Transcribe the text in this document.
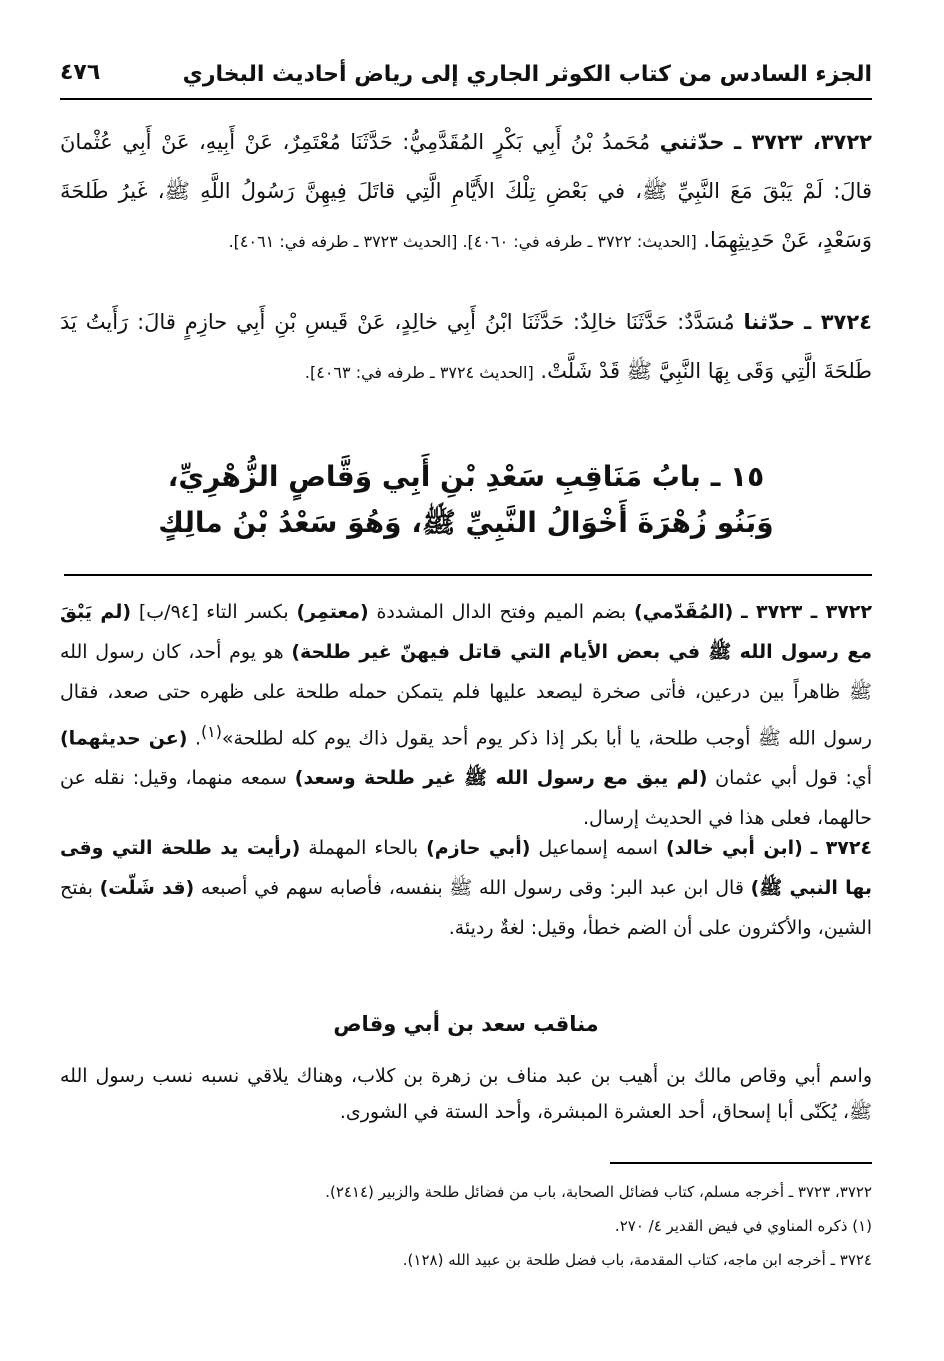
الجزء السادس من كتاب الكوثر الجاري إلى رياض أحاديث البخاري
٤٧٦
٣٧٢٢، ٣٧٢٣ ـ حدّثني مُحَمدُ بْنُ أَبِي بَكْرٍ المُقَدَّمِيُّ: حَدَّثَنَا مُعْتَمِرٌ، عَنْ أَبِيهِ، عَنْ أَبِي عُثْمانَ قالَ: لَمْ يَبْقَ مَعَ النَّبِيِّ ﷺ، في بَعْضِ تِلْكَ الأَيَّامِ الَّتِي قاتَلَ فِيهِنَّ رَسُولُ اللَّهِ ﷺ، غَيرُ طَلحَةَ وَسَعْدٍ، عَنْ حَدِيثِهِمَا. [الحديث: ٣٧٢٢ ـ طرفه في: ٤٠٦٠]. [الحديث ٣٧٢٣ ـ طرفه في: ٤٠٦١].
٣٧٢٤ ـ حدّثنا مُسَدَّدٌ: حَدَّثَنَا خالِدٌ: حَدَّثَنَا ابْنُ أَبِي خالِدٍ، عَنْ قَيسِ بْنِ أَبِي حازِمٍ قالَ: رَأَيتُ يَدَ طَلحَةَ الَّتِي وَقَى بِهَا النَّبِيَّ ﷺ قَدْ شَلَّتْ. [الحديث ٣٧٢٤ ـ طرفه في: ٤٠٦٣].
١٥ ـ بابُ مَنَاقِبِ سَعْدِ بْنِ أَبِي وَقَّاصٍ الزُّهْرِيِّ،
وَبَنُو زُهْرَةَ أَخْوَالُ النَّبِيِّ ﷺ، وَهُوَ سَعْدُ بْنُ مالِكٍ
٣٧٢٢ ـ ٣٧٢٣ ـ (المُقَدّمي) بضم الميم وفتح الدال المشددة (معتمِر) بكسر التاء [٩٤/ب] (لم يَبْقَ مع رسول الله ﷺ في بعض الأيام التي قاتل فيهنّ غير طلحة) هو يوم أحد، كان رسول الله ﷺ ظاهراً بين درعين، فأتى صخرة ليصعد عليها فلم يتمكن حمله طلحة على ظهره حتى صعد، فقال رسول الله ﷺ أوجب طلحة، يا أبا بكر إذا ذكر يوم أحد يقول ذاك يوم كله لطلحة»$^{(١)}$. (عن حديثهما) أي: قول أبي عثمان (لم يبق مع رسول الله ﷺ غير طلحة وسعد) سمعه منهما، وقيل: نقله عن حالهما، فعلى هذا في الحديث إرسال.
٣٧٢٤ ـ (ابن أبي خالد) اسمه إسماعيل (أبي حازم) بالحاء المهملة (رأيت يد طلحة التي وقى بها النبي ﷺ) قال ابن عبد البر: وقى رسول الله ﷺ بنفسه، فأصابه سهم في أصبعه (قد شَلّت) بفتح الشين، والأكثرون على أن الضم خطأ، وقيل: لغةٌ رديئة.
مناقب سعد بن أبي وقاص
واسم أبي وقاص مالك بن أهيب بن عبد مناف بن زهرة بن كلاب، وهناك يلاقي نسبه نسب رسول الله ﷺ، يُكَنّى أبا إسحاق، أحد العشرة المبشرة، وأحد الستة في الشورى.
٣٧٢٢، ٣٧٢٣ ـ أخرجه مسلم، كتاب فضائل الصحابة، باب من فضائل طلحة والزبير (٢٤١٤).
(١) ذكره المناوي في فيض القدير ٤/ ٢٧٠.
٣٧٢٤ ـ أخرجه ابن ماجه، كتاب المقدمة، باب فضل طلحة بن عبيد الله (١٢٨).
